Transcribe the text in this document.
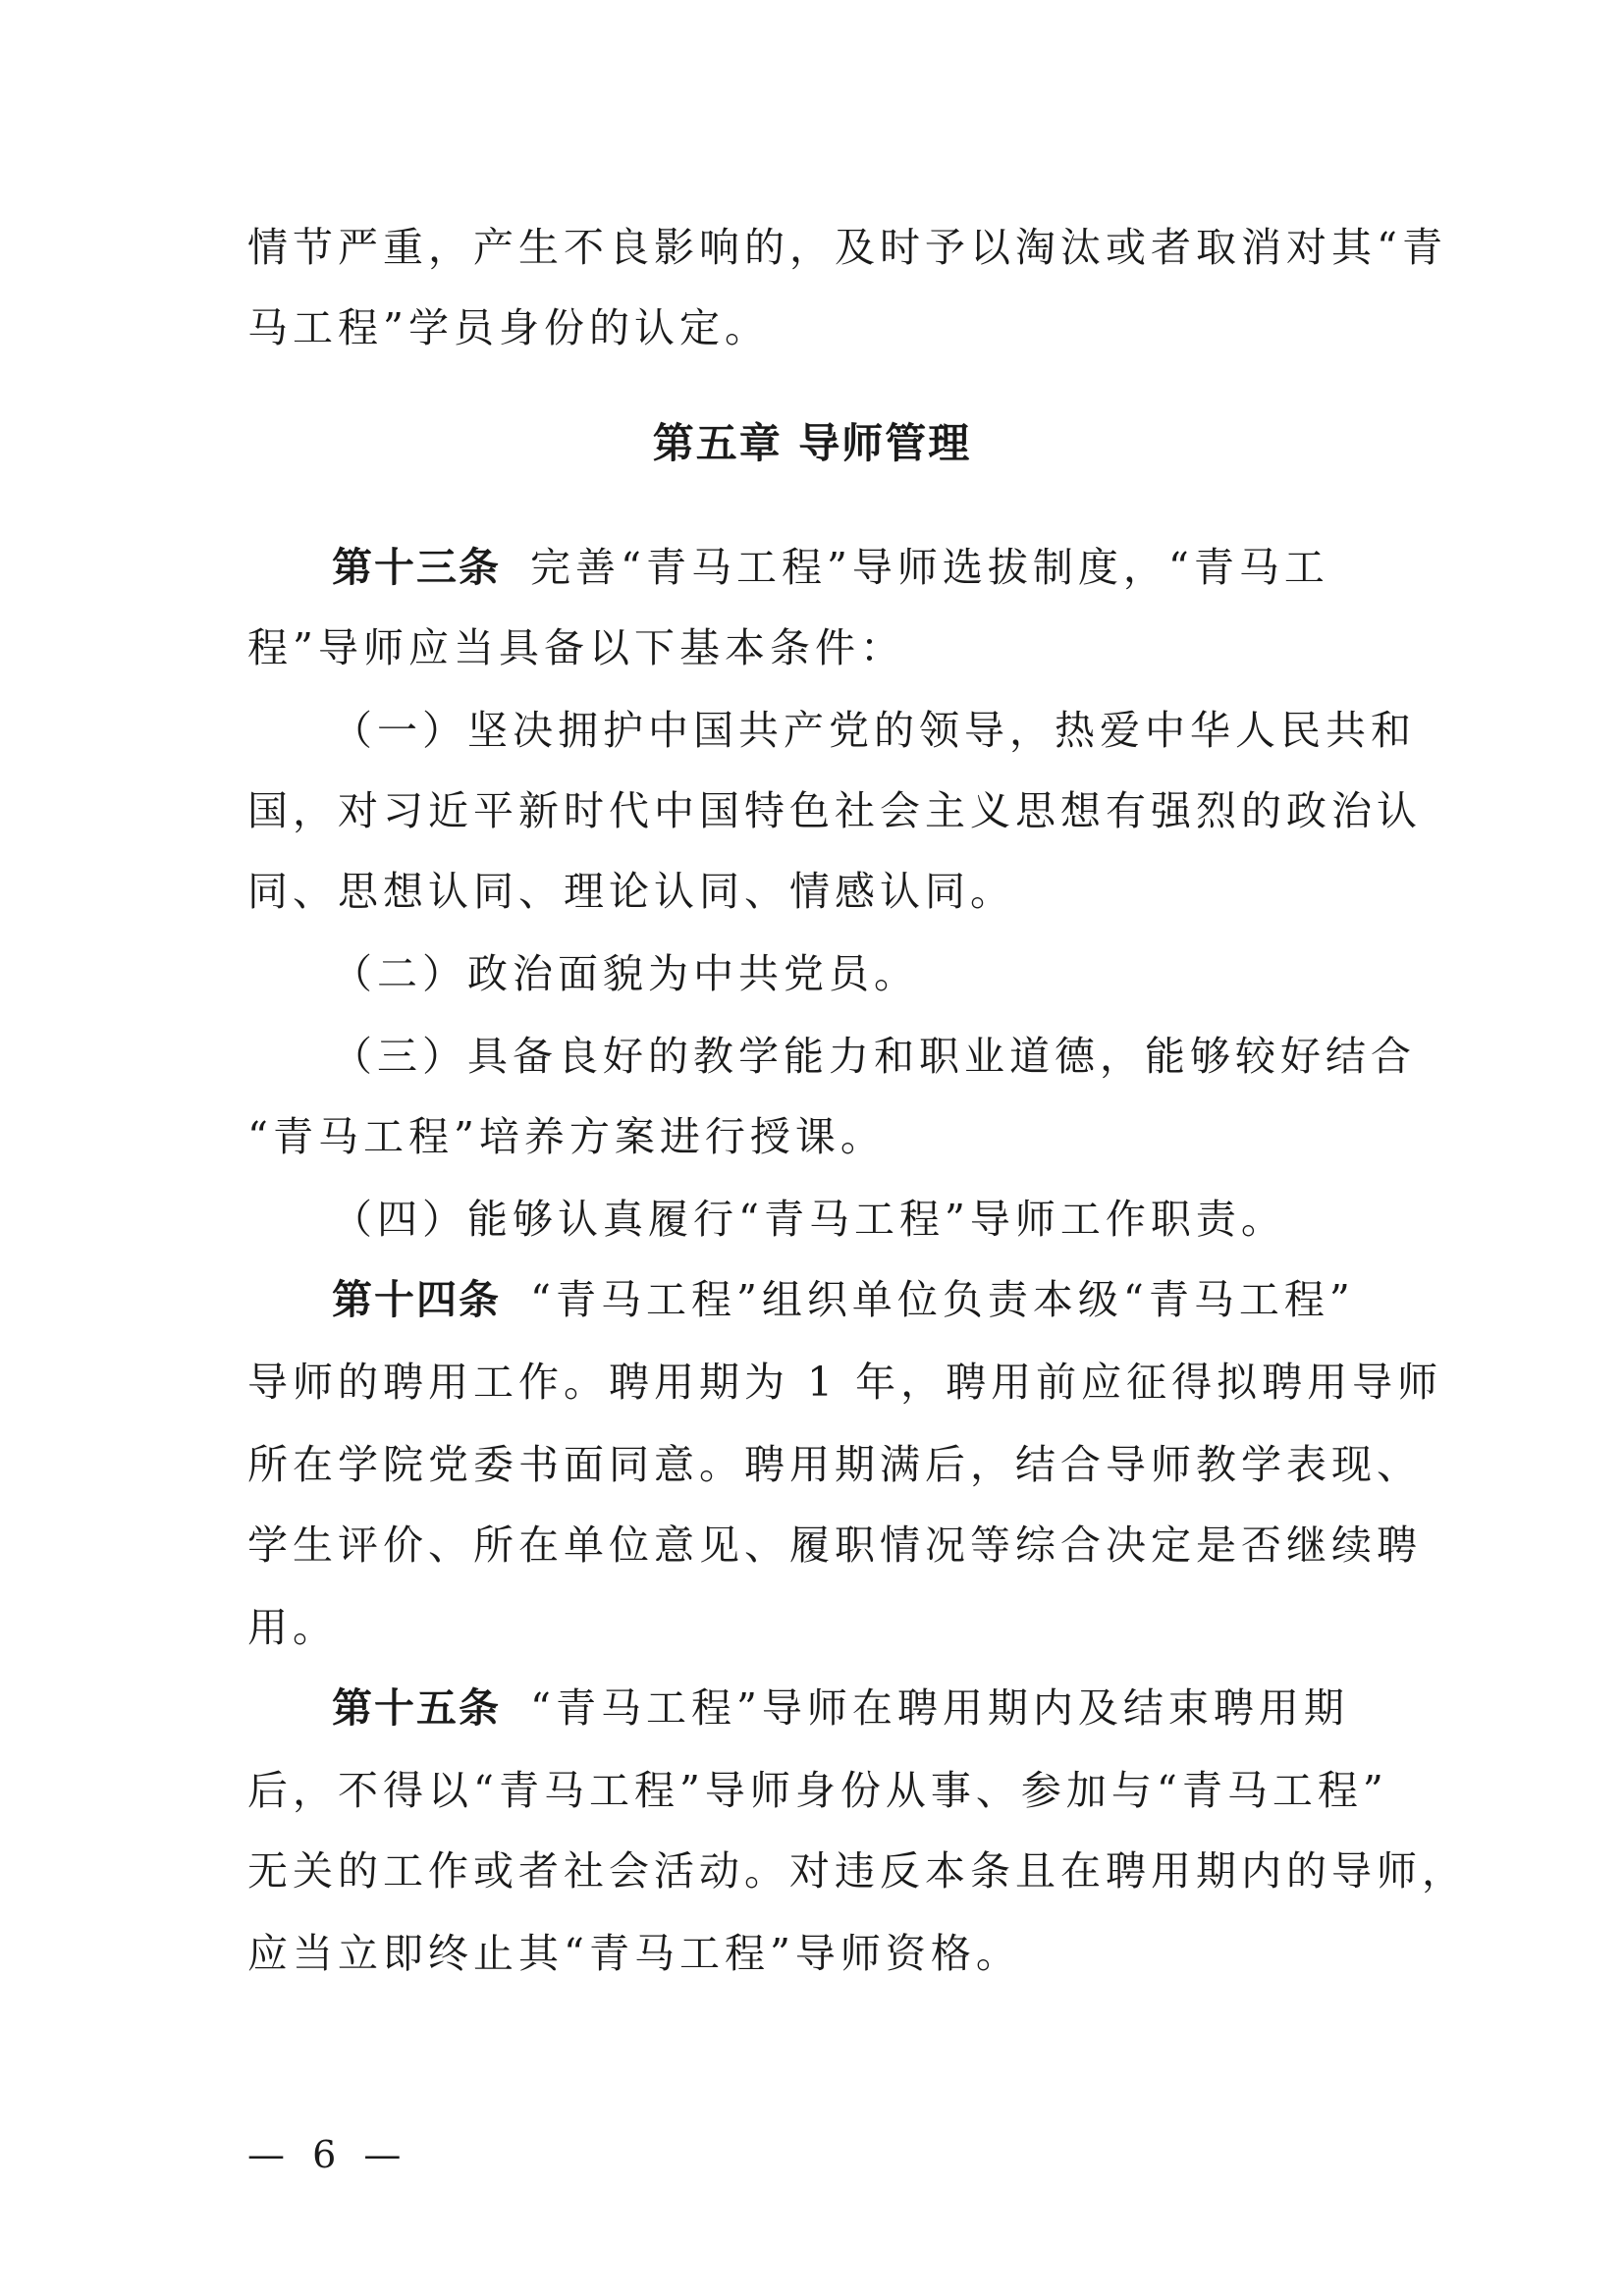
情节严重，产生不良影响的，及时予以淘汰或者取消对其“青

马工程”学员身份的认定。

第五章 导师管理

第十三条 完善“青马工程”导师选拔制度，“青马工

程”导师应当具备以下基本条件：

（一）坚决拥护中国共产党的领导，热爱中华人民共和

国，对习近平新时代中国特色社会主义思想有强烈的政治认

同、思想认同、理论认同、情感认同。

（二）政治面貌为中共党员。

（三）具备良好的教学能力和职业道德，能够较好结合

“青马工程”培养方案进行授课。

（四）能够认真履行“青马工程”导师工作职责。

第十四条 “青马工程”组织单位负责本级“青马工程”

导师的聘用工作。聘用期为 1 年，聘用前应征得拟聘用导师

所在学院党委书面同意。聘用期满后，结合导师教学表现、

学生评价、所在单位意见、履职情况等综合决定是否继续聘

用。

第十五条 “青马工程”导师在聘用期内及结束聘用期

后，不得以“青马工程”导师身份从事、参加与“青马工程”

无关的工作或者社会活动。对违反本条且在聘用期内的导师，

应当立即终止其“青马工程”导师资格。

— 6 —
